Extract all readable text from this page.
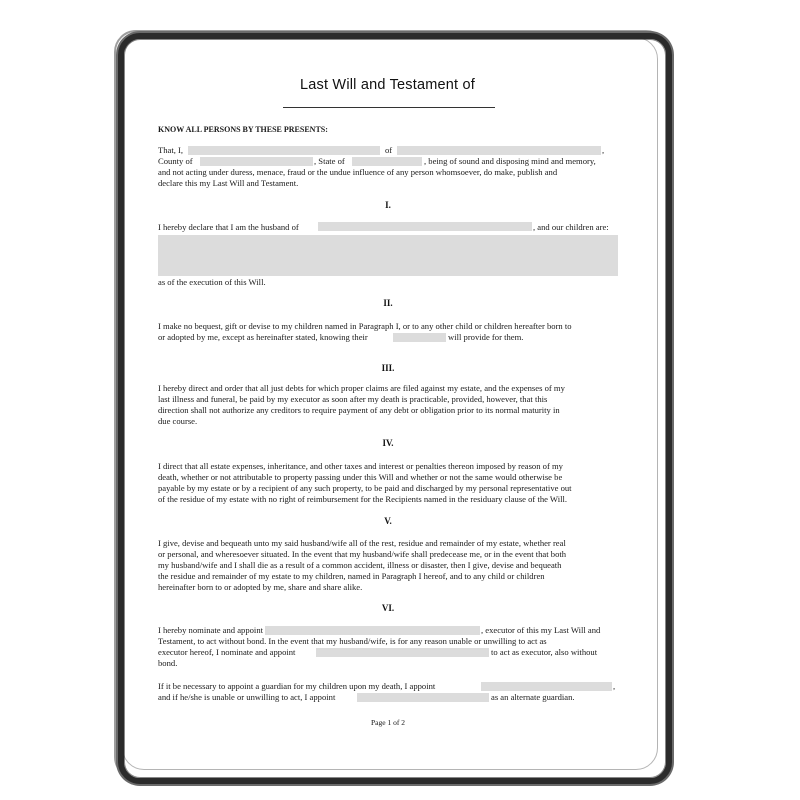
Last Will and Testament of
KNOW ALL PERSONS BY THESE PRESENTS:
That, I,	of	,
County of	, State of	, being of sound and disposing mind and memory,
and not acting under duress, menace, fraud or the undue influence of any person whomsoever, do make, publish and
declare this my Last Will and Testament.
I.
I hereby declare that I am the husband of	, and our children are:
as of the execution of this Will.
II.
I make no bequest, gift or devise to my children named in Paragraph I, or to any other child or children hereafter born to
or adopted by me, except as hereinafter stated, knowing their	will provide for them.
III.
I hereby direct and order that all just debts for which proper claims are filed against my estate, and the expenses of my
last illness and funeral, be paid by my executor as soon after my death is practicable, provided, however, that this
direction shall not authorize any creditors to require payment of any debt or obligation prior to its normal maturity in
due course.
IV.
I direct that all estate expenses, inheritance, and other taxes and interest or penalties thereon imposed by reason of my
death, whether or not attributable to property passing under this Will and whether or not the same would otherwise be
payable by my estate or by a recipient of any such property, to be paid and discharged by my personal representative out
of the residue of my estate with no right of reimbursement for the Recipients named in the residuary clause of the Will.
V.
I give, devise and bequeath unto my said husband/wife all of the rest, residue and remainder of my estate, whether real
or personal, and wheresoever situated. In the event that my husband/wife shall predecease me, or in the event that both
my husband/wife and I shall die as a result of a common accident, illness or disaster, then I give, devise and bequeath
the residue and remainder of my estate to my children, named in Paragraph I hereof, and to any child or children
hereinafter born to or adopted by me, share and share alike.
VI.
I hereby nominate and appoint	, executor of this my Last Will and
Testament, to act without bond. In the event that my husband/wife, is for any reason unable or unwilling to act as
executor hereof, I nominate and appoint	to act as executor, also without
bond.
If it be necessary to appoint a guardian for my children upon my death, I appoint	,
and if he/she is unable or unwilling to act, I appoint	as an alternate guardian.
Page 1 of 2
